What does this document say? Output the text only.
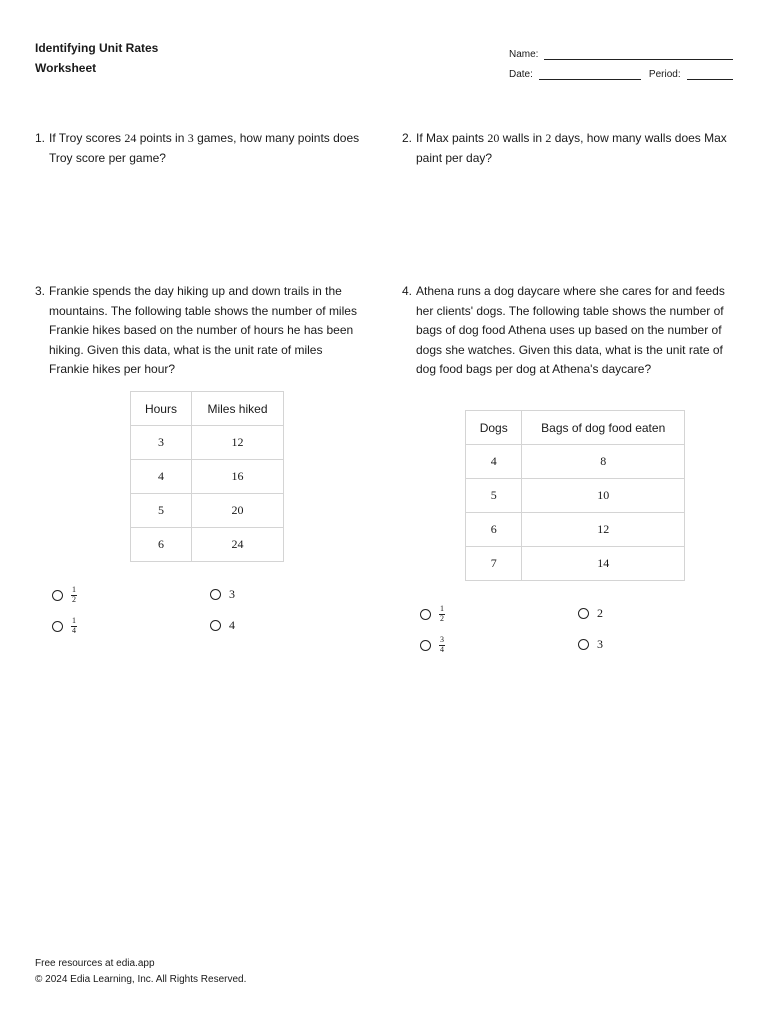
Identifying Unit Rates
Worksheet
Name:
Date:	Period:
1. If Troy scores 24 points in 3 games, how many points does Troy score per game?
2. If Max paints 20 walls in 2 days, how many walls does Max paint per day?
3. Frankie spends the day hiking up and down trails in the mountains. The following table shows the number of miles Frankie hikes based on the number of hours he has been hiking. Given this data, what is the unit rate of miles Frankie hikes per hour?
Hours	Miles hiked
3	12
4	16
5	20
6	24
$\frac{1}{2}$	3
$\frac{1}{4}$	4
4. Athena runs a dog daycare where she cares for and feeds her clients' dogs. The following table shows the number of bags of dog food Athena uses up based on the number of dogs she watches. Given this data, what is the unit rate of dog food bags per dog at Athena's daycare?
Dogs	Bags of dog food eaten
4	8
5	10
6	12
7	14
$\frac{1}{2}$	2
$\frac{3}{4}$	3
Free resources at edia.app
© 2024 Edia Learning, Inc. All Rights Reserved.
